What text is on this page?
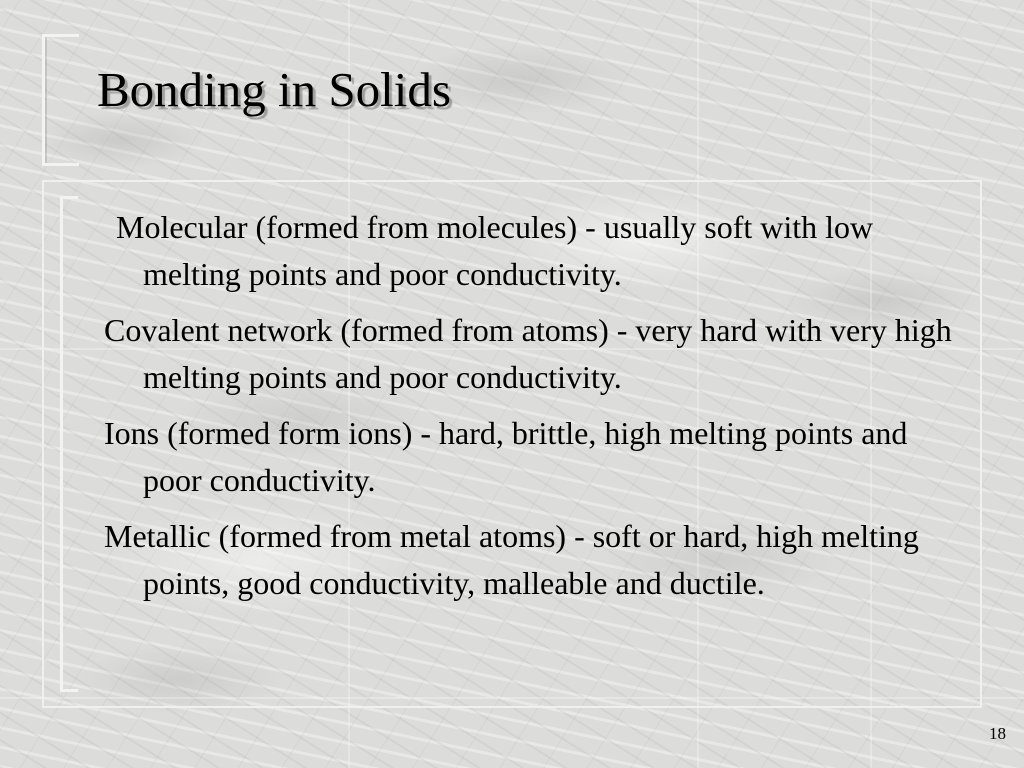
Bonding in Solids
Molecular (formed from molecules) - usually soft with low melting points and poor conductivity.
Covalent network (formed from atoms) - very hard with very high melting points and poor conductivity.
Ions (formed form ions) - hard, brittle, high melting points and poor conductivity.
Metallic (formed from metal atoms) - soft or hard, high melting points, good conductivity, malleable and ductile.
18
